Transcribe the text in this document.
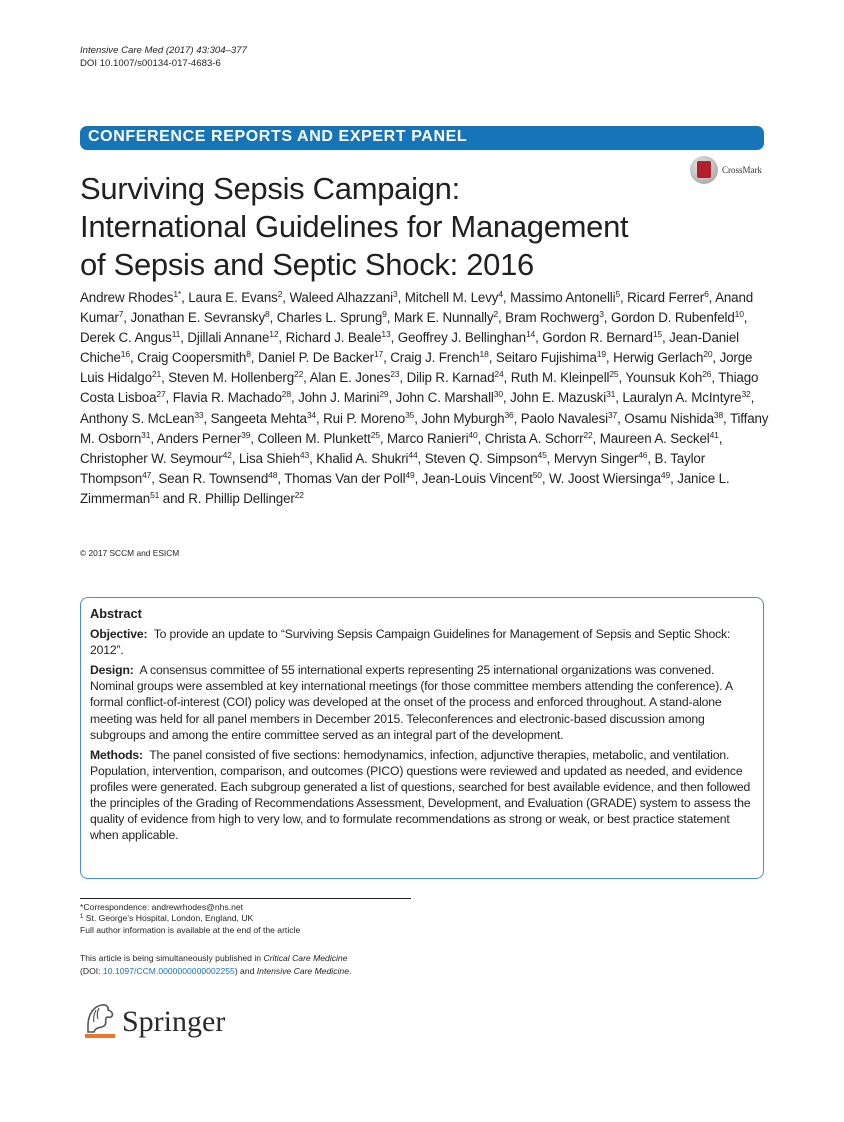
Intensive Care Med (2017) 43:304–377
DOI 10.1007/s00134-017-4683-6
CONFERENCE REPORTS AND EXPERT PANEL
CrossMark
Surviving Sepsis Campaign:
International Guidelines for Management
of Sepsis and Septic Shock: 2016
Andrew Rhodes$^{1*}$, Laura E. Evans$^2$, Waleed Alhazzani$^3$, Mitchell M. Levy$^4$, Massimo Antonelli$^5$, Ricard Ferrer$^6$, Anand Kumar$^7$, Jonathan E. Sevransky$^8$, Charles L. Sprung$^9$, Mark E. Nunnally$^2$, Bram Rochwerg$^3$, Gordon D. Rubenfeld$^{10}$, Derek C. Angus$^{11}$, Djillali Annane$^{12}$, Richard J. Beale$^{13}$, Geoffrey J. Bellinghan$^{14}$, Gordon R. Bernard$^{15}$, Jean-Daniel Chiche$^{16}$, Craig Coopersmith$^8$, Daniel P. De Backer$^{17}$, Craig J. French$^{18}$, Seitaro Fujishima$^{19}$, Herwig Gerlach$^{20}$, Jorge Luis Hidalgo$^{21}$, Steven M. Hollenberg$^{22}$, Alan E. Jones$^{23}$, Dilip R. Karnad$^{24}$, Ruth M. Kleinpell$^{25}$, Younsuk Koh$^{26}$, Thiago Costa Lisboa$^{27}$, Flavia R. Machado$^{28}$, John J. Marini$^{29}$, John C. Marshall$^{30}$, John E. Mazuski$^{31}$, Lauralyn A. McIntyre$^{32}$, Anthony S. McLean$^{33}$, Sangeeta Mehta$^{34}$, Rui P. Moreno$^{35}$, John Myburgh$^{36}$, Paolo Navalesi$^{37}$, Osamu Nishida$^{38}$, Tiffany M. Osborn$^{31}$, Anders Perner$^{39}$, Colleen M. Plunkett$^{25}$, Marco Ranieri$^{40}$, Christa A. Schorr$^{22}$, Maureen A. Seckel$^{41}$, Christopher W. Seymour$^{42}$, Lisa Shieh$^{43}$, Khalid A. Shukri$^{44}$, Steven Q. Simpson$^{45}$, Mervyn Singer$^{46}$, B. Taylor Thompson$^{47}$, Sean R. Townsend$^{48}$, Thomas Van der Poll$^{49}$, Jean-Louis Vincent$^{50}$, W. Joost Wiersinga$^{49}$, Janice L. Zimmerman$^{51}$ and R. Phillip Dellinger$^{22}$
© 2017 SCCM and ESICM
Abstract

Objective: To provide an update to “Surviving Sepsis Campaign Guidelines for Management of Sepsis and Septic Shock: 2012”.

Design: A consensus committee of 55 international experts representing 25 international organizations was convened. Nominal groups were assembled at key international meetings (for those committee members attending the conference). A formal conflict-of-interest (COI) policy was developed at the onset of the process and enforced throughout. A stand-alone meeting was held for all panel members in December 2015. Teleconferences and electronic-based discussion among subgroups and among the entire committee served as an integral part of the development.

Methods: The panel consisted of five sections: hemodynamics, infection, adjunctive therapies, metabolic, and ventilation. Population, intervention, comparison, and outcomes (PICO) questions were reviewed and updated as needed, and evidence profiles were generated. Each subgroup generated a list of questions, searched for best available evidence, and then followed the principles of the Grading of Recommendations Assessment, Development, and Evaluation (GRADE) system to assess the quality of evidence from high to very low, and to formulate recommendations as strong or weak, or best practice statement when applicable.

*Correspondence: andrewrhodes@nhs.net
$^1$ St. George’s Hospital, London, England, UK
Full author information is available at the end of the article
This article is being simultaneously published in Critical Care Medicine
(DOI: 10.1097/CCM.0000000000002255) and Intensive Care Medicine.
Springer
